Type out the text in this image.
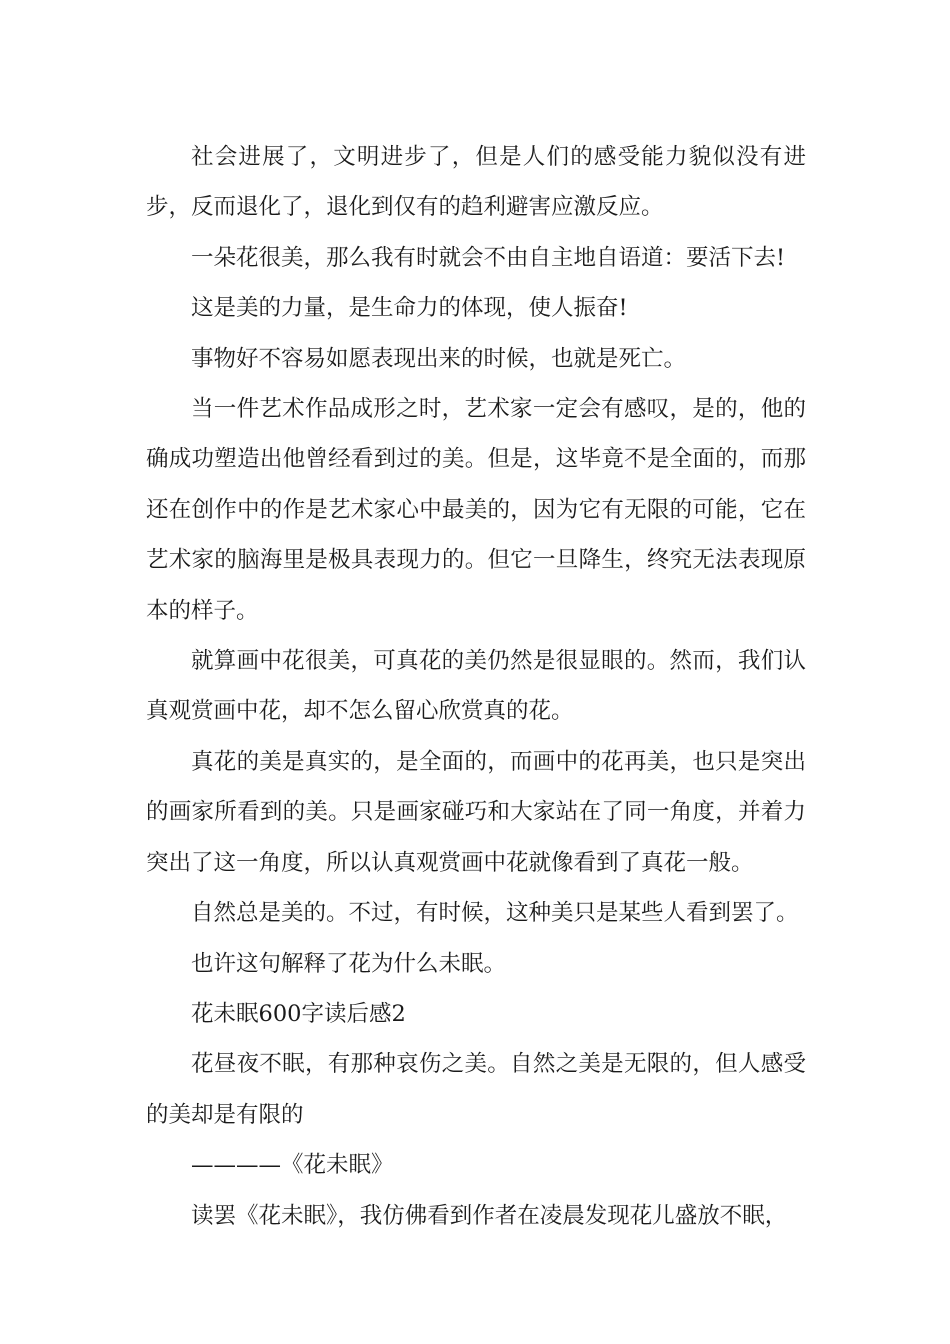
社会进展了，文明进步了，但是人们的感受能力貌似没有进步，反而退化了，退化到仅有的趋利避害应激反应。

一朵花很美，那么我有时就会不由自主地自语道：要活下去!

这是美的力量，是生命力的体现，使人振奋!

事物好不容易如愿表现出来的时候，也就是死亡。

当一件艺术作品成形之时，艺术家一定会有感叹，是的，他的确成功塑造出他曾经看到过的美。但是，这毕竟不是全面的，而那还在创作中的作是艺术家心中最美的，因为它有无限的可能，它在艺术家的脑海里是极具表现力的。但它一旦降生，终究无法表现原本的样子。

就算画中花很美，可真花的美仍然是很显眼的。然而，我们认真观赏画中花，却不怎么留心欣赏真的花。

真花的美是真实的，是全面的，而画中的花再美，也只是突出的画家所看到的美。只是画家碰巧和大家站在了同一角度，并着力突出了这一角度，所以认真观赏画中花就像看到了真花一般。

自然总是美的。不过，有时候，这种美只是某些人看到罢了。

也许这句解释了花为什么未眠。

花未眠600字读后感2

花昼夜不眠，有那种哀伤之美。自然之美是无限的，但人感受的美却是有限的

————《花未眠》

读罢《花未眠》，我仿佛看到作者在凌晨发现花儿盛放不眠，
